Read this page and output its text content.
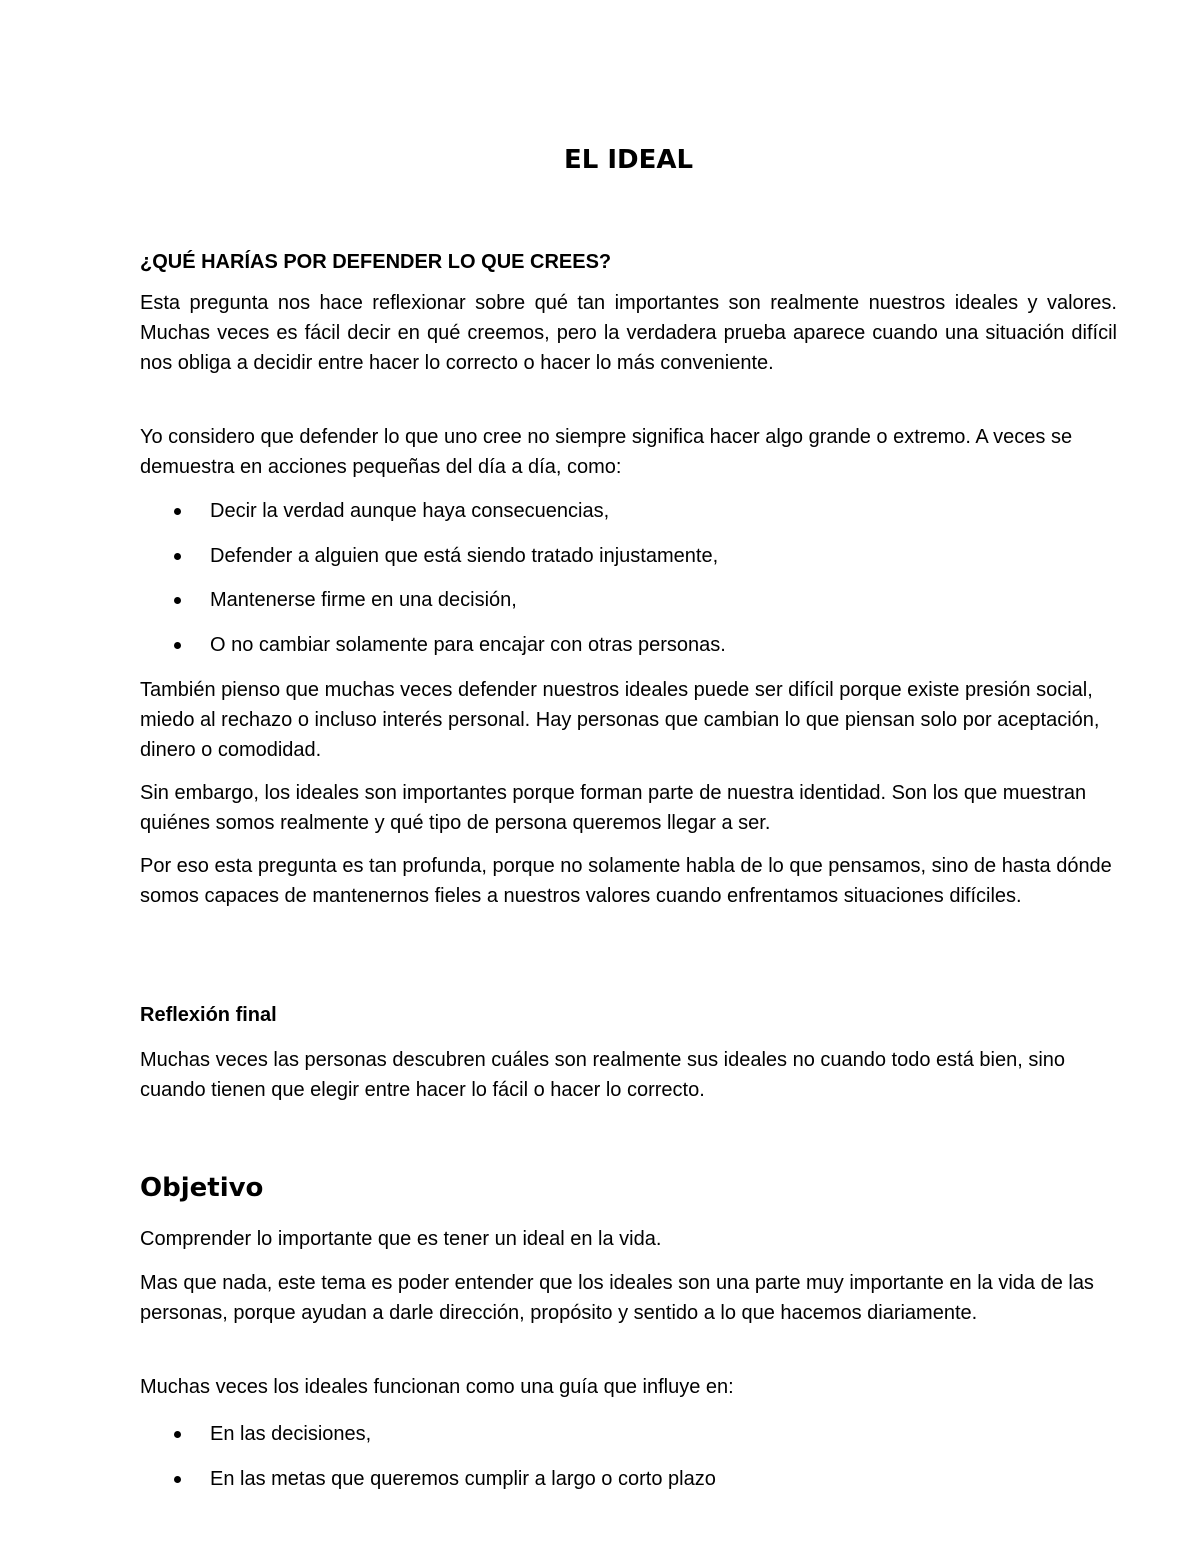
EL IDEAL
¿QUÉ HARÍAS POR DEFENDER LO QUE CREES?

Esta pregunta nos hace reflexionar sobre qué tan importantes son realmente nuestros ideales y valores. Muchas veces es fácil decir en qué creemos, pero la verdadera prueba aparece cuando una situación difícil nos obliga a decidir entre hacer lo correcto o hacer lo más conveniente.

Yo considero que defender lo que uno cree no siempre significa hacer algo grande o extremo. A veces se demuestra en acciones pequeñas del día a día, como:

Decir la verdad aunque haya consecuencias,
Defender a alguien que está siendo tratado injustamente,
Mantenerse firme en una decisión,
O no cambiar solamente para encajar con otras personas.

También pienso que muchas veces defender nuestros ideales puede ser difícil porque existe presión social, miedo al rechazo o incluso interés personal. Hay personas que cambian lo que piensan solo por aceptación, dinero o comodidad.

Sin embargo, los ideales son importantes porque forman parte de nuestra identidad. Son los que muestran quiénes somos realmente y qué tipo de persona queremos llegar a ser.

Por eso esta pregunta es tan profunda, porque no solamente habla de lo que pensamos, sino de hasta dónde somos capaces de mantenernos fieles a nuestros valores cuando enfrentamos situaciones difíciles.

Reflexión final

Muchas veces las personas descubren cuáles son realmente sus ideales no cuando todo está bien, sino cuando tienen que elegir entre hacer lo fácil o hacer lo correcto.

Objetivo

Comprender lo importante que es tener un ideal en la vida.

Mas que nada, este tema es poder entender que los ideales son una parte muy importante en la vida de las personas, porque ayudan a darle dirección, propósito y sentido a lo que hacemos diariamente.

Muchas veces los ideales funcionan como una guía que influye en:

En las decisiones,
En las metas que queremos cumplir a largo o corto plazo
